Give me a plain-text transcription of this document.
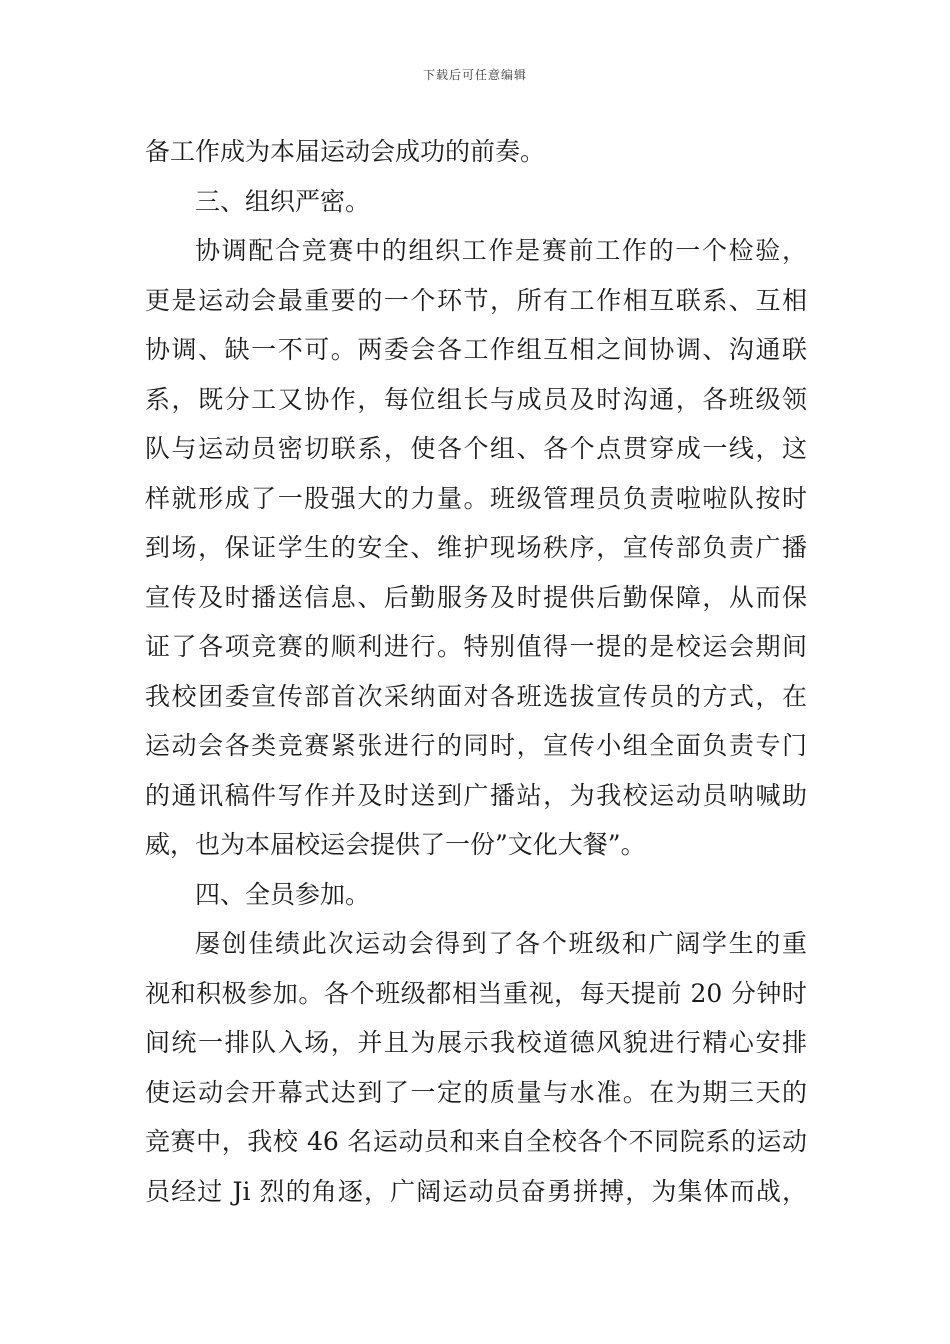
下载后可任意编辑
备工作成为本届运动会成功的前奏。
三、组织严密。
协调配合竞赛中的组织工作是赛前工作的一个检验，
更是运动会最重要的一个环节，所有工作相互联系、互相
协调、缺一不可。两委会各工作组互相之间协调、沟通联
系，既分工又协作，每位组长与成员及时沟通，各班级领
队与运动员密切联系，使各个组、各个点贯穿成一线，这
样就形成了一股强大的力量。班级管理员负责啦啦队按时
到场，保证学生的安全、维护现场秩序，宣传部负责广播
宣传及时播送信息、后勤服务及时提供后勤保障，从而保
证了各项竞赛的顺利进行。特别值得一提的是校运会期间
我校团委宣传部首次采纳面对各班选拔宣传员的方式，在
运动会各类竞赛紧张进行的同时，宣传小组全面负责专门
的通讯稿件写作并及时送到广播站，为我校运动员呐喊助
威，也为本届校运会提供了一份”文化大餐”。
四、全员参加。
屡创佳绩此次运动会得到了各个班级和广阔学生的重
视和积极参加。各个班级都相当重视，每天提前 20 分钟时
间统一排队入场，并且为展示我校道德风貌进行精心安排
使运动会开幕式达到了一定的质量与水准。在为期三天的
竞赛中，我校 46 名运动员和来自全校各个不同院系的运动
员经过 Ji 烈的角逐，广阔运动员奋勇拼搏，为集体而战，
